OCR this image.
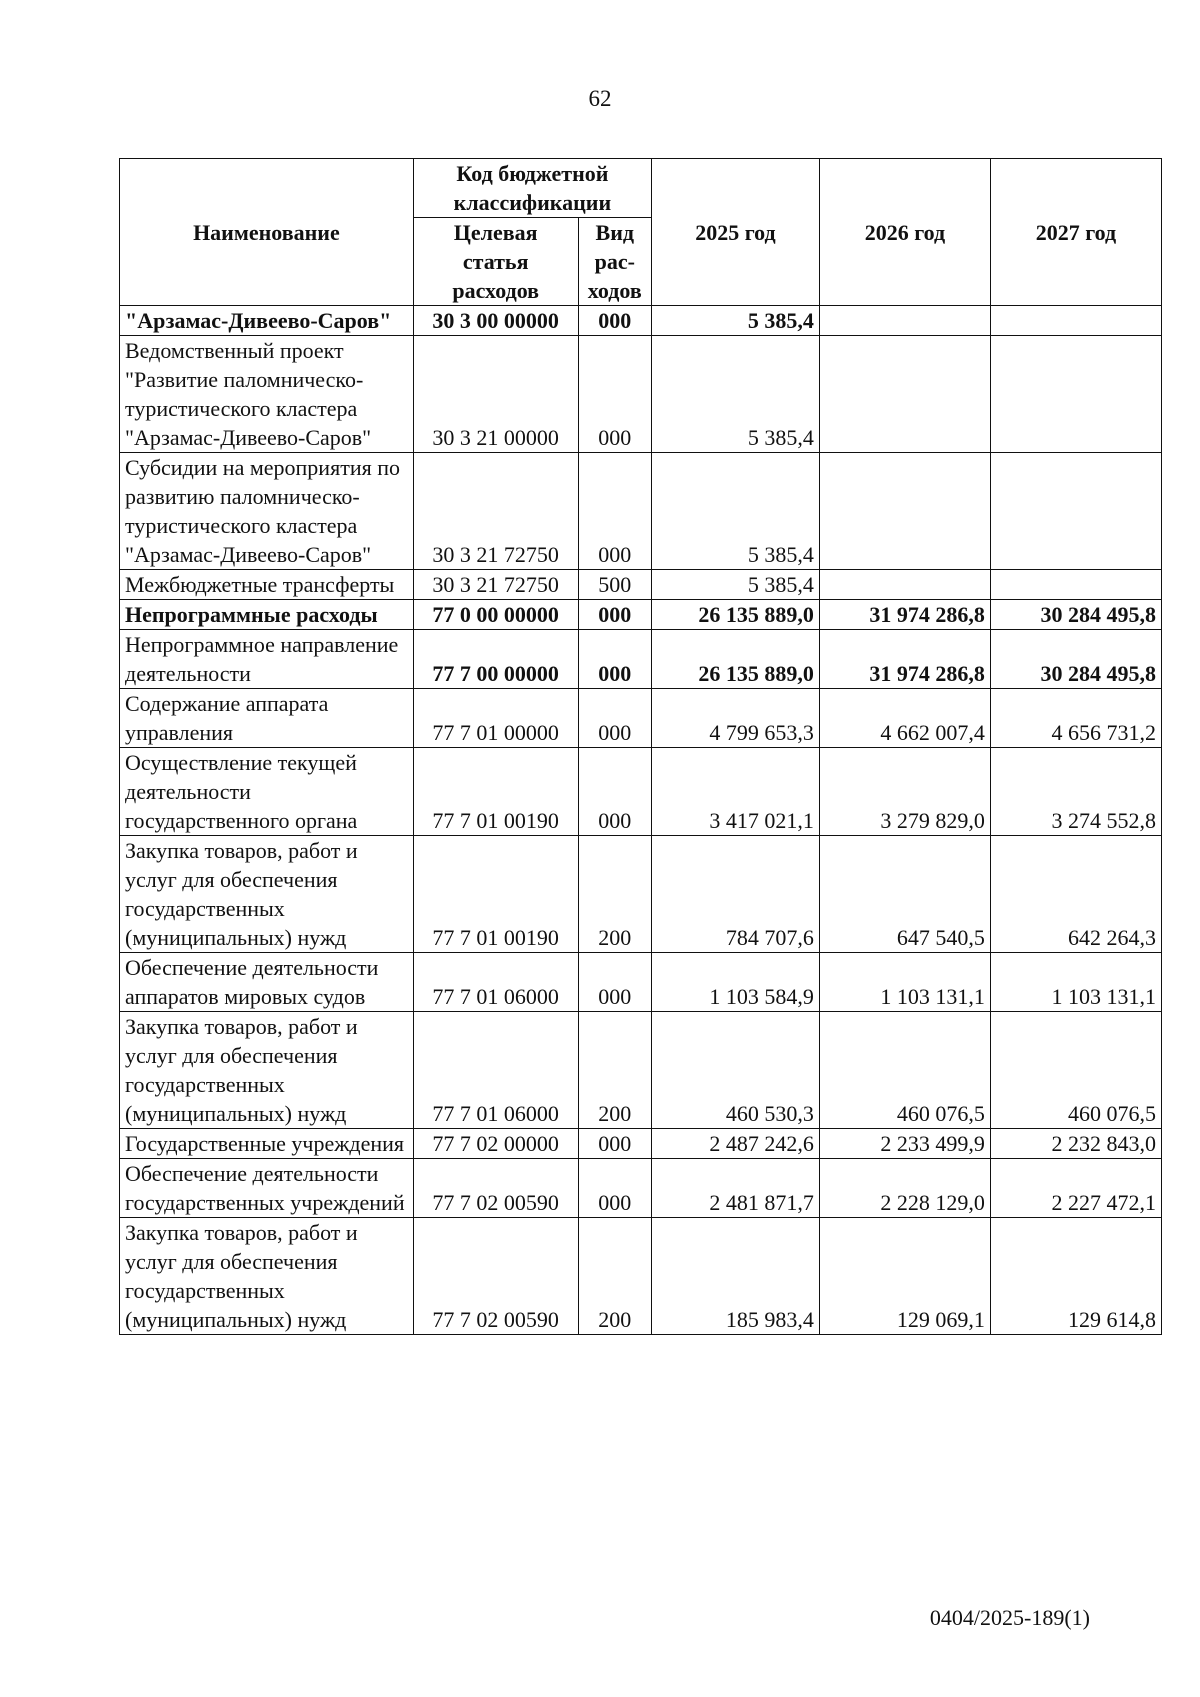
62
Наименование	Код бюджетной классификации		2025 год	2026 год	2027 год
	Целевая статья расходов	Вид рас-ходов			
"Арзамас-Дивеево-Саров"	30 3 00 00000	000	5 385,4		
Ведомственный проект "Развитие паломническо-туристического кластера "Арзамас-Дивеево-Саров"	30 3 21 00000	000	5 385,4		
Субсидии на мероприятия по развитию паломническо-туристического кластера "Арзамас-Дивеево-Саров"	30 3 21 72750	000	5 385,4		
Межбюджетные трансферты	30 3 21 72750	500	5 385,4		
Непрограммные расходы	77 0 00 00000	000	26 135 889,0	31 974 286,8	30 284 495,8
Непрограммное направление деятельности	77 7 00 00000	000	26 135 889,0	31 974 286,8	30 284 495,8
Содержание аппарата управления	77 7 01 00000	000	4 799 653,3	4 662 007,4	4 656 731,2
Осуществление текущей деятельности государственного органа	77 7 01 00190	000	3 417 021,1	3 279 829,0	3 274 552,8
Закупка товаров, работ и услуг для обеспечения государственных (муниципальных) нужд	77 7 01 00190	200	784 707,6	647 540,5	642 264,3
Обеспечение деятельности аппаратов мировых судов	77 7 01 06000	000	1 103 584,9	1 103 131,1	1 103 131,1
Закупка товаров, работ и услуг для обеспечения государственных (муниципальных) нужд	77 7 01 06000	200	460 530,3	460 076,5	460 076,5
Государственные учреждения	77 7 02 00000	000	2 487 242,6	2 233 499,9	2 232 843,0
Обеспечение деятельности государственных учреждений	77 7 02 00590	000	2 481 871,7	2 228 129,0	2 227 472,1
Закупка товаров, работ и услуг для обеспечения государственных (муниципальных) нужд	77 7 02 00590	200	185 983,4	129 069,1	129 614,8
0404/2025-189(1)
